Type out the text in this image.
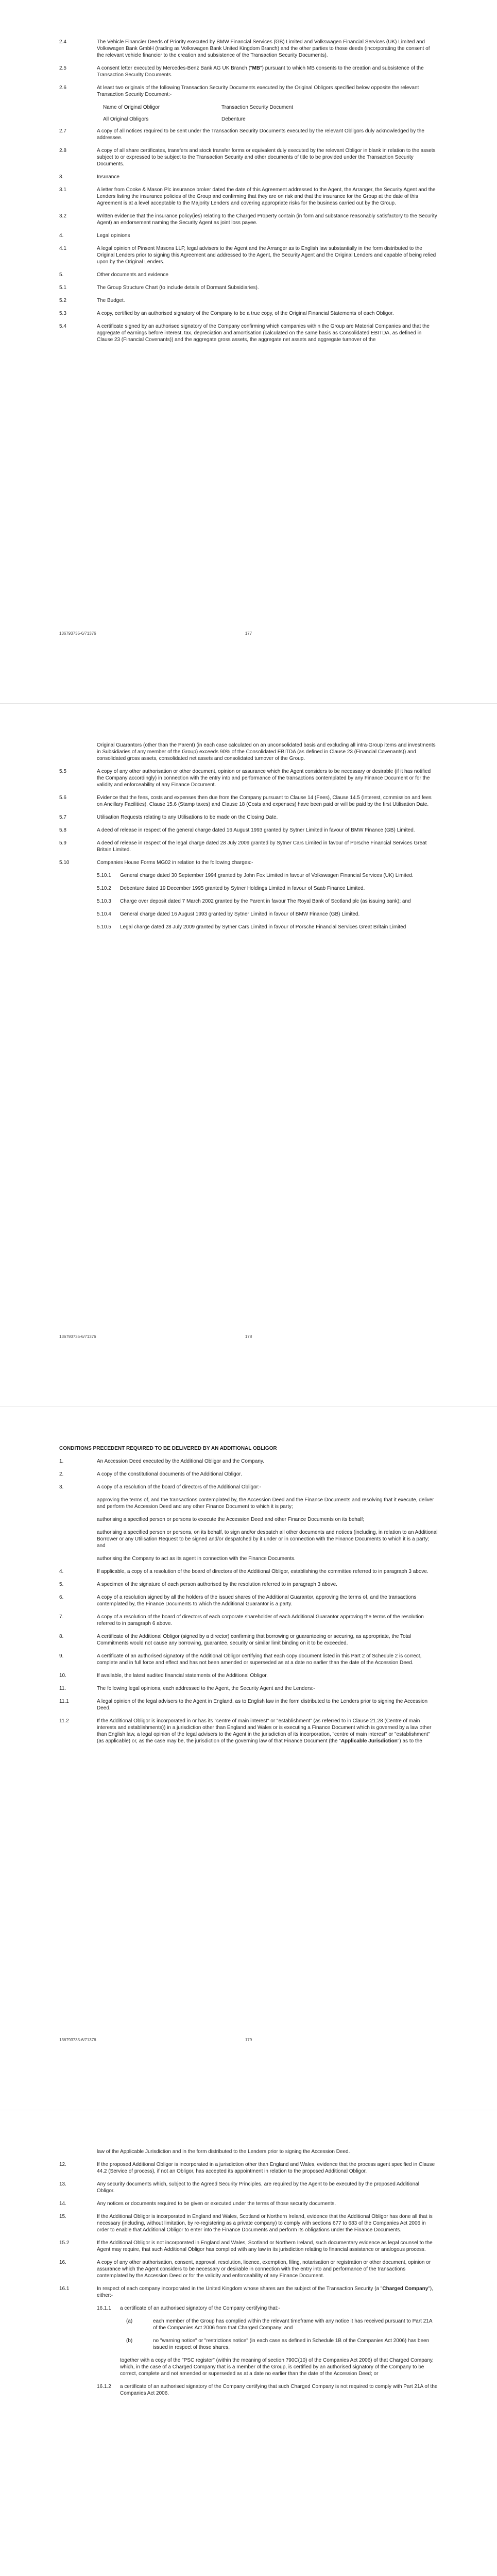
2.4	The Vehicle Financier Deeds of Priority executed by BMW Financial Services (GB) Limited and Volkswagen Financial Services (UK) Limited and Volkswagen Bank GmbH (trading as Volkswagen Bank United Kingdom Branch) and the other parties to those deeds (incorporating the consent of the relevant vehicle financier to the creation and subsistence of the Transaction Security Documents).
2.5	A consent letter executed by Mercedes-Benz Bank AG UK Branch ("MB") pursuant to which MB consents to the creation and subsistence of the Transaction Security Documents.
2.6	At least two originals of the following Transaction Security Documents executed by the Original Obligors specified below opposite the relevant Transaction Security Document:-
Name of Original Obligor	Transaction Security Document
All Original Obligors	Debenture
2.7	A copy of all notices required to be sent under the Transaction Security Documents executed by the relevant Obligors duly acknowledged by the addressee.
2.8	A copy of all share certificates, transfers and stock transfer forms or equivalent duly executed by the relevant Obligor in blank in relation to the assets subject to or expressed to be subject to the Transaction Security and other documents of title to be provided under the Transaction Security Documents.
3.	Insurance
3.1	A letter from Cooke & Mason Plc insurance broker dated the date of this Agreement addressed to the Agent, the Arranger, the Security Agent and the Lenders listing the insurance policies of the Group and confirming that they are on risk and that the insurance for the Group at the date of this Agreement is at a level acceptable to the Majority Lenders and covering appropriate risks for the business carried out by the Group.
3.2	Written evidence that the insurance policy(ies) relating to the Charged Property contain (in form and substance reasonably satisfactory to the Security Agent) an endorsement naming the Security Agent as joint loss payee.
4.	Legal opinions
4.1	A legal opinion of Pinsent Masons LLP, legal advisers to the Agent and the Arranger as to English law substantially in the form distributed to the Original Lenders prior to signing this Agreement and addressed to the Agent, the Security Agent and the Original Lenders and capable of being relied upon by the Original Lenders.
5.	Other documents and evidence
5.1	The Group Structure Chart (to include details of Dormant Subsidiaries).
5.2	The Budget.
5.3	A copy, certified by an authorised signatory of the Company to be a true copy, of the Original Financial Statements of each Obligor.
5.4	A certificate signed by an authorised signatory of the Company confirming which companies within the Group are Material Companies and that the aggregate of earnings before interest, tax, depreciation and amortisation (calculated on the same basis as Consolidated EBITDA, as defined in Clause 23 (Financial Covenants)) and the aggregate gross assets, the aggregate net assets and aggregate turnover of the
136793735-6/71376	177
Original Guarantors (other than the Parent) (in each case calculated on an unconsolidated basis and excluding all intra-Group items and investments in Subsidiaries of any member of the Group) exceeds 90% of the Consolidated EBITDA (as defined in Clause 23 (Financial Covenants)) and consolidated gross assets, consolidated net assets and consolidated turnover of the Group.
5.5	A copy of any other authorisation or other document, opinion or assurance which the Agent considers to be necessary or desirable (if it has notified the Company accordingly) in connection with the entry into and performance of the transactions contemplated by any Finance Document or for the validity and enforceability of any Finance Document.
5.6	Evidence that the fees, costs and expenses then due from the Company pursuant to Clause 14 (Fees), Clause 14.5 (Interest, commission and fees on Ancillary Facilities), Clause 15.6 (Stamp taxes) and Clause 18 (Costs and expenses) have been paid or will be paid by the first Utilisation Date.
5.7	Utilisation Requests relating to any Utilisations to be made on the Closing Date.
5.8	A deed of release in respect of the general charge dated 16 August 1993 granted by Sytner Limited in favour of BMW Finance (GB) Limited.
5.9	A deed of release in respect of the legal charge dated 28 July 2009 granted by Sytner Cars Limited in favour of Porsche Financial Services Great Britain Limited.
5.10	Companies House Forms MG02 in relation to the following charges:-
5.10.1 General charge dated 30 September 1994 granted by John Fox Limited in favour of Volkswagen Financial Services (UK) Limited.
5.10.2 Debenture dated 19 December 1995 granted by Sytner Holdings Limited in favour of Saab Finance Limited.
5.10.3 Charge over deposit dated 7 March 2002 granted by the Parent in favour The Royal Bank of Scotland plc (as issuing bank); and
5.10.4 General charge dated 16 August 1993 granted by Sytner Limited in favour of BMW Finance (GB) Limited.
5.10.5 Legal charge dated 28 July 2009 granted by Sytner Cars Limited in favour of Porsche Financial Services Great Britain Limited
136793735-6/71376	178
CONDITIONS PRECEDENT REQUIRED TO BE DELIVERED BY AN ADDITIONAL OBLIGOR
1.	An Accession Deed executed by the Additional Obligor and the Company.
2.	A copy of the constitutional documents of the Additional Obligor.
3.	A copy of a resolution of the board of directors of the Additional Obligor:-
approving the terms of, and the transactions contemplated by, the Accession Deed and the Finance Documents and resolving that it execute, deliver and perform the Accession Deed and any other Finance Document to which it is party;
authorising a specified person or persons to execute the Accession Deed and other Finance Documents on its behalf;
authorising a specified person or persons, on its behalf, to sign and/or despatch all other documents and notices (including, in relation to an Additional Borrower or any Utilisation Request to be signed and/or despatched by it under or in connection with the Finance Documents to which it is a party; and
authorising the Company to act as its agent in connection with the Finance Documents.
4.	If applicable, a copy of a resolution of the board of directors of the Additional Obligor, establishing the committee referred to in paragraph 3 above.
5.	A specimen of the signature of each person authorised by the resolution referred to in paragraph 3 above.
6.	A copy of a resolution signed by all the holders of the issued shares of the Additional Guarantor, approving the terms of, and the transactions contemplated by, the Finance Documents to which the Additional Guarantor is a party.
7.	A copy of a resolution of the board of directors of each corporate shareholder of each Additional Guarantor approving the terms of the resolution referred to in paragraph 6 above.
8.	A certificate of the Additional Obligor (signed by a director) confirming that borrowing or guaranteeing or securing, as appropriate, the Total Commitments would not cause any borrowing, guarantee, security or similar limit binding on it to be exceeded.
9.	A certificate of an authorised signatory of the Additional Obligor certifying that each copy document listed in this Part 2 of Schedule 2 is correct, complete and in full force and effect and has not been amended or superseded as at a date no earlier than the date of the Accession Deed.
10.	If available, the latest audited financial statements of the Additional Obligor.
11.	The following legal opinions, each addressed to the Agent, the Security Agent and the Lenders:-
11.1	A legal opinion of the legal advisers to the Agent in England, as to English law in the form distributed to the Lenders prior to signing the Accession Deed.
11.2	If the Additional Obligor is incorporated in or has its "centre of main interest" or "establishment" (as referred to in Clause 21.28 (Centre of main interests and establishments)) in a jurisdiction other than England and Wales or is executing a Finance Document which is governed by a law other than English law, a legal opinion of the legal advisers to the Agent in the jurisdiction of its incorporation, "centre of main interest" or "establishment" (as applicable) or, as the case may be, the jurisdiction of the governing law of that Finance Document (the "Applicable Jurisdiction") as to the
136793735-6/71376	179
law of the Applicable Jurisdiction and in the form distributed to the Lenders prior to signing the Accession Deed.
12.	If the proposed Additional Obligor is incorporated in a jurisdiction other than England and Wales, evidence that the process agent specified in Clause 44.2 (Service of process), if not an Obligor, has accepted its appointment in relation to the proposed Additional Obligor.
13.	Any security documents which, subject to the Agreed Security Principles, are required by the Agent to be executed by the proposed Additional Obligor.
14.	Any notices or documents required to be given or executed under the terms of those security documents.
15.	If the Additional Obligor is incorporated in England and Wales, Scotland or Northern Ireland, evidence that the Additional Obligor has done all that is necessary (including, without limitation, by re-registering as a private company) to comply with sections 677 to 683 of the Companies Act 2006 in order to enable that Additional Obligor to enter into the Finance Documents and perform its obligations under the Finance Documents.
15.2	If the Additional Obligor is not incorporated in England and Wales, Scotland or Northern Ireland, such documentary evidence as legal counsel to the Agent may require, that such Additional Obligor has complied with any law in its jurisdiction relating to financial assistance or analogous process.
16.	A copy of any other authorisation, consent, approval, resolution, licence, exemption, filing, notarisation or registration or other document, opinion or assurance which the Agent considers to be necessary or desirable in connection with the entry into and performance of the transactions contemplated by the Accession Deed or for the validity and enforceability of any Finance Document.
16.1	In respect of each company incorporated in the United Kingdom whose shares are the subject of the Transaction Security (a "Charged Company"), either:-
16.1.1 a certificate of an authorised signatory of the Company certifying that:-
(a)	each member of the Group has complied within the relevant timeframe with any notice it has received pursuant to Part 21A of the Companies Act 2006 from that Charged Company; and
(b)	no "warning notice" or "restrictions notice" (in each case as defined in Schedule 1B of the Companies Act 2006) has been issued in respect of those shares,
together with a copy of the "PSC register" (within the meaning of section 790C(10) of the Companies Act 2006) of that Charged Company, which, in the case of a Charged Company that is a member of the Group, is certified by an authorised signatory of the Company to be correct, complete and not amended or superseded as at a date no earlier than the date of the Accession Deed; or
16.1.2 a certificate of an authorised signatory of the Company certifying that such Charged Company is not required to comply with Part 21A of the Companies Act 2006.
